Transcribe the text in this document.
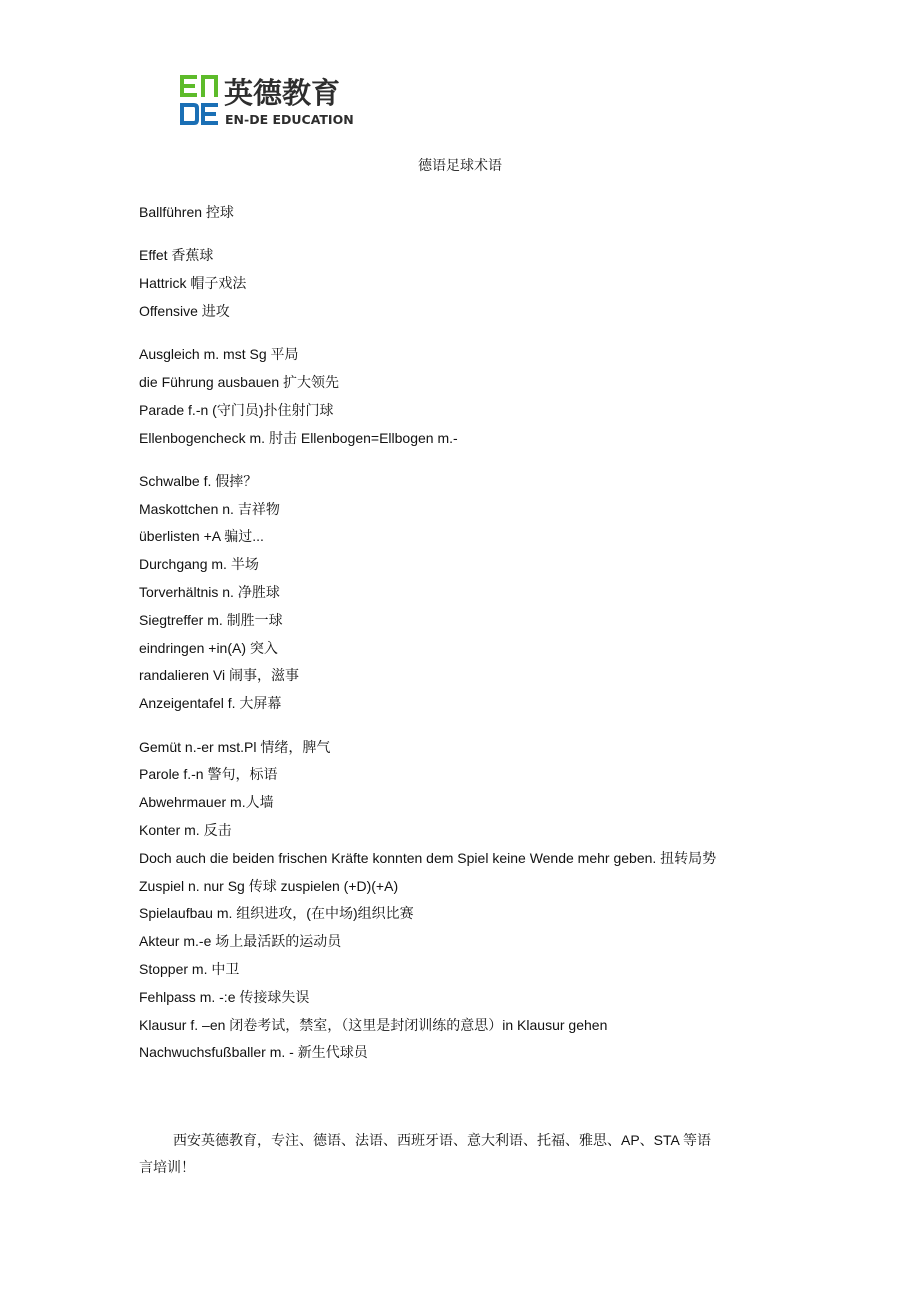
英德教育
EN-DE EDUCATION
德语足球术语
Ballführen 控球
Effet 香蕉球
Hattrick 帽子戏法
Offensive 进攻
Ausgleich m. mst Sg 平局
die Führung ausbauen 扩大领先
Parade f.-n (守门员)扑住射门球
Ellenbogencheck m. 肘击 Ellenbogen=Ellbogen m.-
Schwalbe f. 假摔？
Maskottchen n. 吉祥物
überlisten +A 骗过...
Durchgang m. 半场
Torverhältnis n. 净胜球
Siegtreffer m. 制胜一球
eindringen +in(A) 突入
randalieren Vi 闹事，滋事
Anzeigentafel f. 大屏幕
Gemüt n.-er mst.Pl 情绪，脾气
Parole f.-n 警句，标语
Abwehrmauer m.人墙
Konter m. 反击
Doch auch die beiden frischen Kräfte konnten dem Spiel keine Wende mehr geben. 扭转局势
Zuspiel n. nur Sg 传球 zuspielen (+D)(+A)
Spielaufbau m. 组织进攻，(在中场)组织比赛
Akteur m.-e 场上最活跃的运动员
Stopper m. 中卫
Fehlpass m. -:e 传接球失误
Klausur f. –en 闭卷考试，禁室，（这里是封闭训练的意思）in Klausur gehen
Nachwuchsfußballer m. - 新生代球员
西安英德教育，专注、德语、法语、西班牙语、意大利语、托福、雅思、AP、STA 等语
言培训！
